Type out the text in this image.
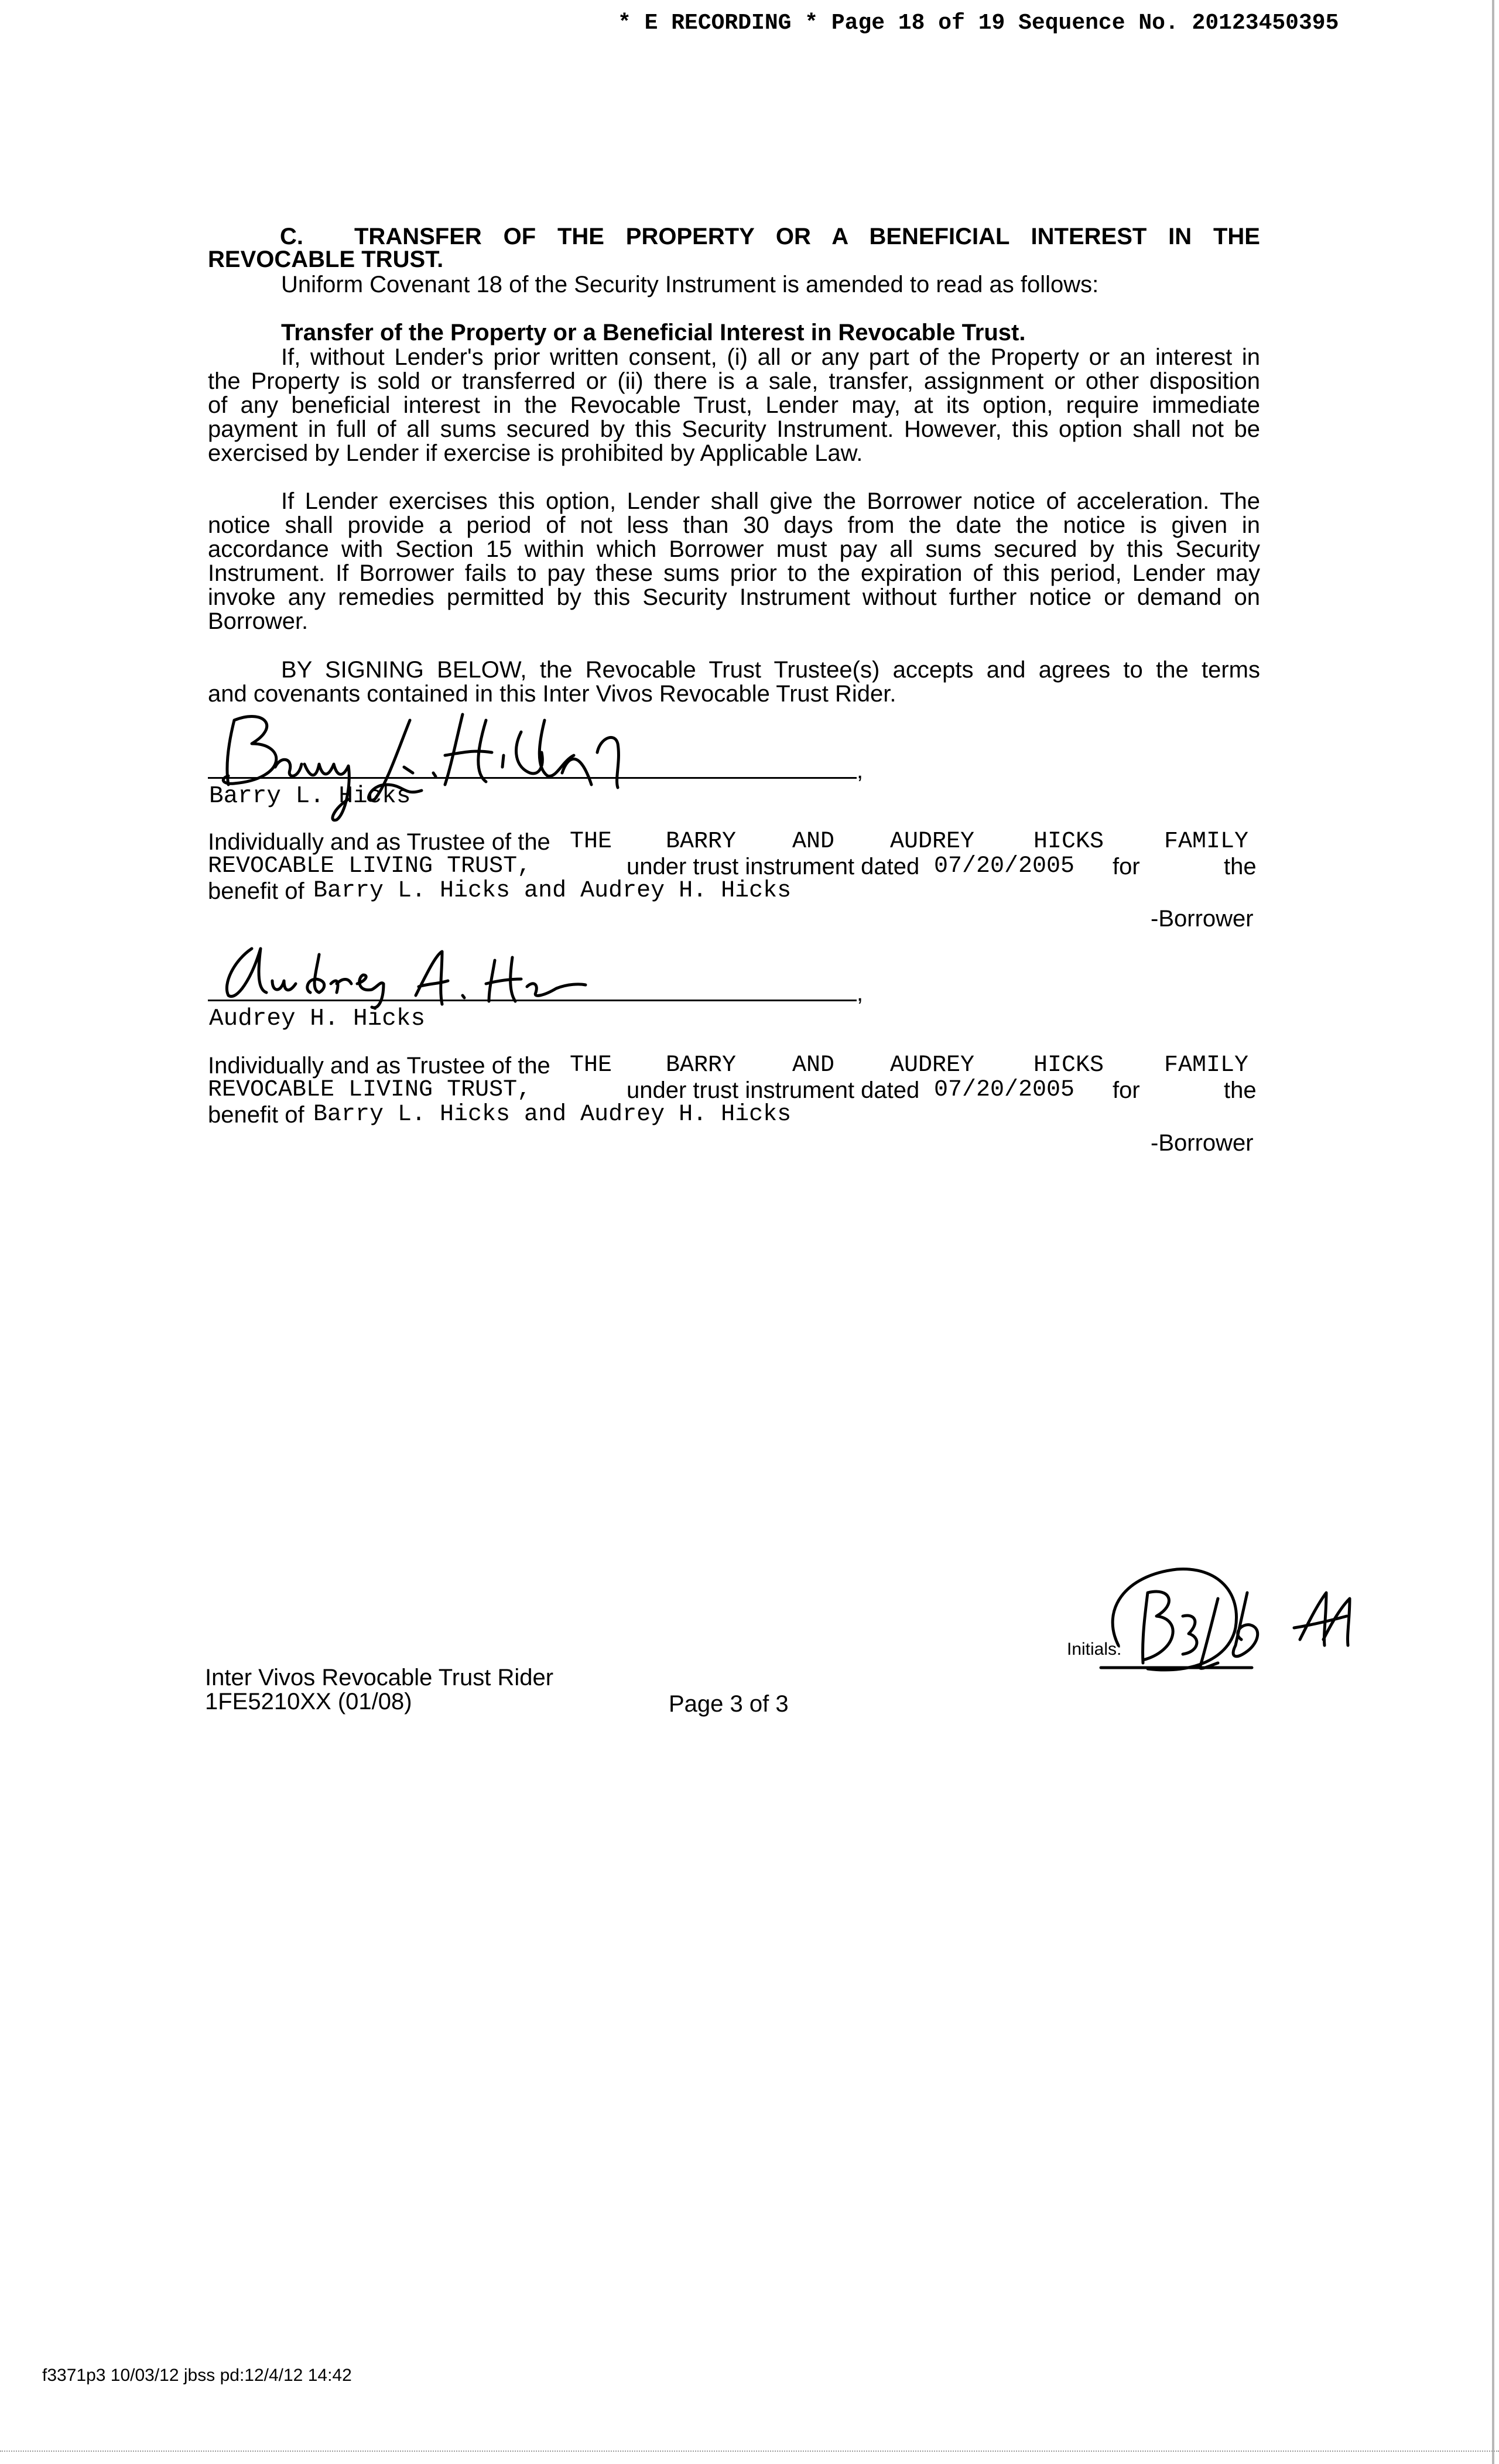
* E RECORDING * Page 18 of 19 Sequence No. 20123450395
C. TRANSFER OF THE PROPERTY OR A BENEFICIAL INTEREST IN THE
REVOCABLE TRUST.
Uniform Covenant 18 of the Security Instrument is amended to read as follows:
Transfer of the Property or a Beneficial Interest in Revocable Trust.
If, without Lender's prior written consent, (i) all or any part of the Property or an interest in
the Property is sold or transferred or (ii) there is a sale, transfer, assignment or other disposition
of any beneficial interest in the Revocable Trust, Lender may, at its option, require immediate
payment in full of all sums secured by this Security Instrument. However, this option shall not be
exercised by Lender if exercise is prohibited by Applicable Law.
If Lender exercises this option, Lender shall give the Borrower notice of acceleration. The
notice shall provide a period of not less than 30 days from the date the notice is given in
accordance with Section 15 within which Borrower must pay all sums secured by this Security
Instrument. If Borrower fails to pay these sums prior to the expiration of this period, Lender may
invoke any remedies permitted by this Security Instrument without further notice or demand on
Borrower.
BY SIGNING BELOW, the Revocable Trust Trustee(s) accepts and agrees to the terms
and covenants contained in this Inter Vivos Revocable Trust Rider.
,
Barry L. Hicks
Individually and as Trustee of the THE BARRY AND AUDREY	HICKS	FAMILY
REVOCABLE LIVING TRUST,	under trust instrument dated 07/20/2005 for	the
benefit of Barry L. Hicks and Audrey H. Hicks
-Borrower
,
Audrey H. Hicks
Individually and as Trustee of the THE BARRY AND AUDREY	HICKS	FAMILY
REVOCABLE LIVING TRUST,	under trust instrument dated 07/20/2005 for	the
benefit of Barry L. Hicks and Audrey H. Hicks
-Borrower
Initials:
Inter Vivos Revocable Trust Rider
1FE5210XX (01/08)	Page 3 of 3
f3371p3 10/03/12 jbss pd:12/4/12 14:42
